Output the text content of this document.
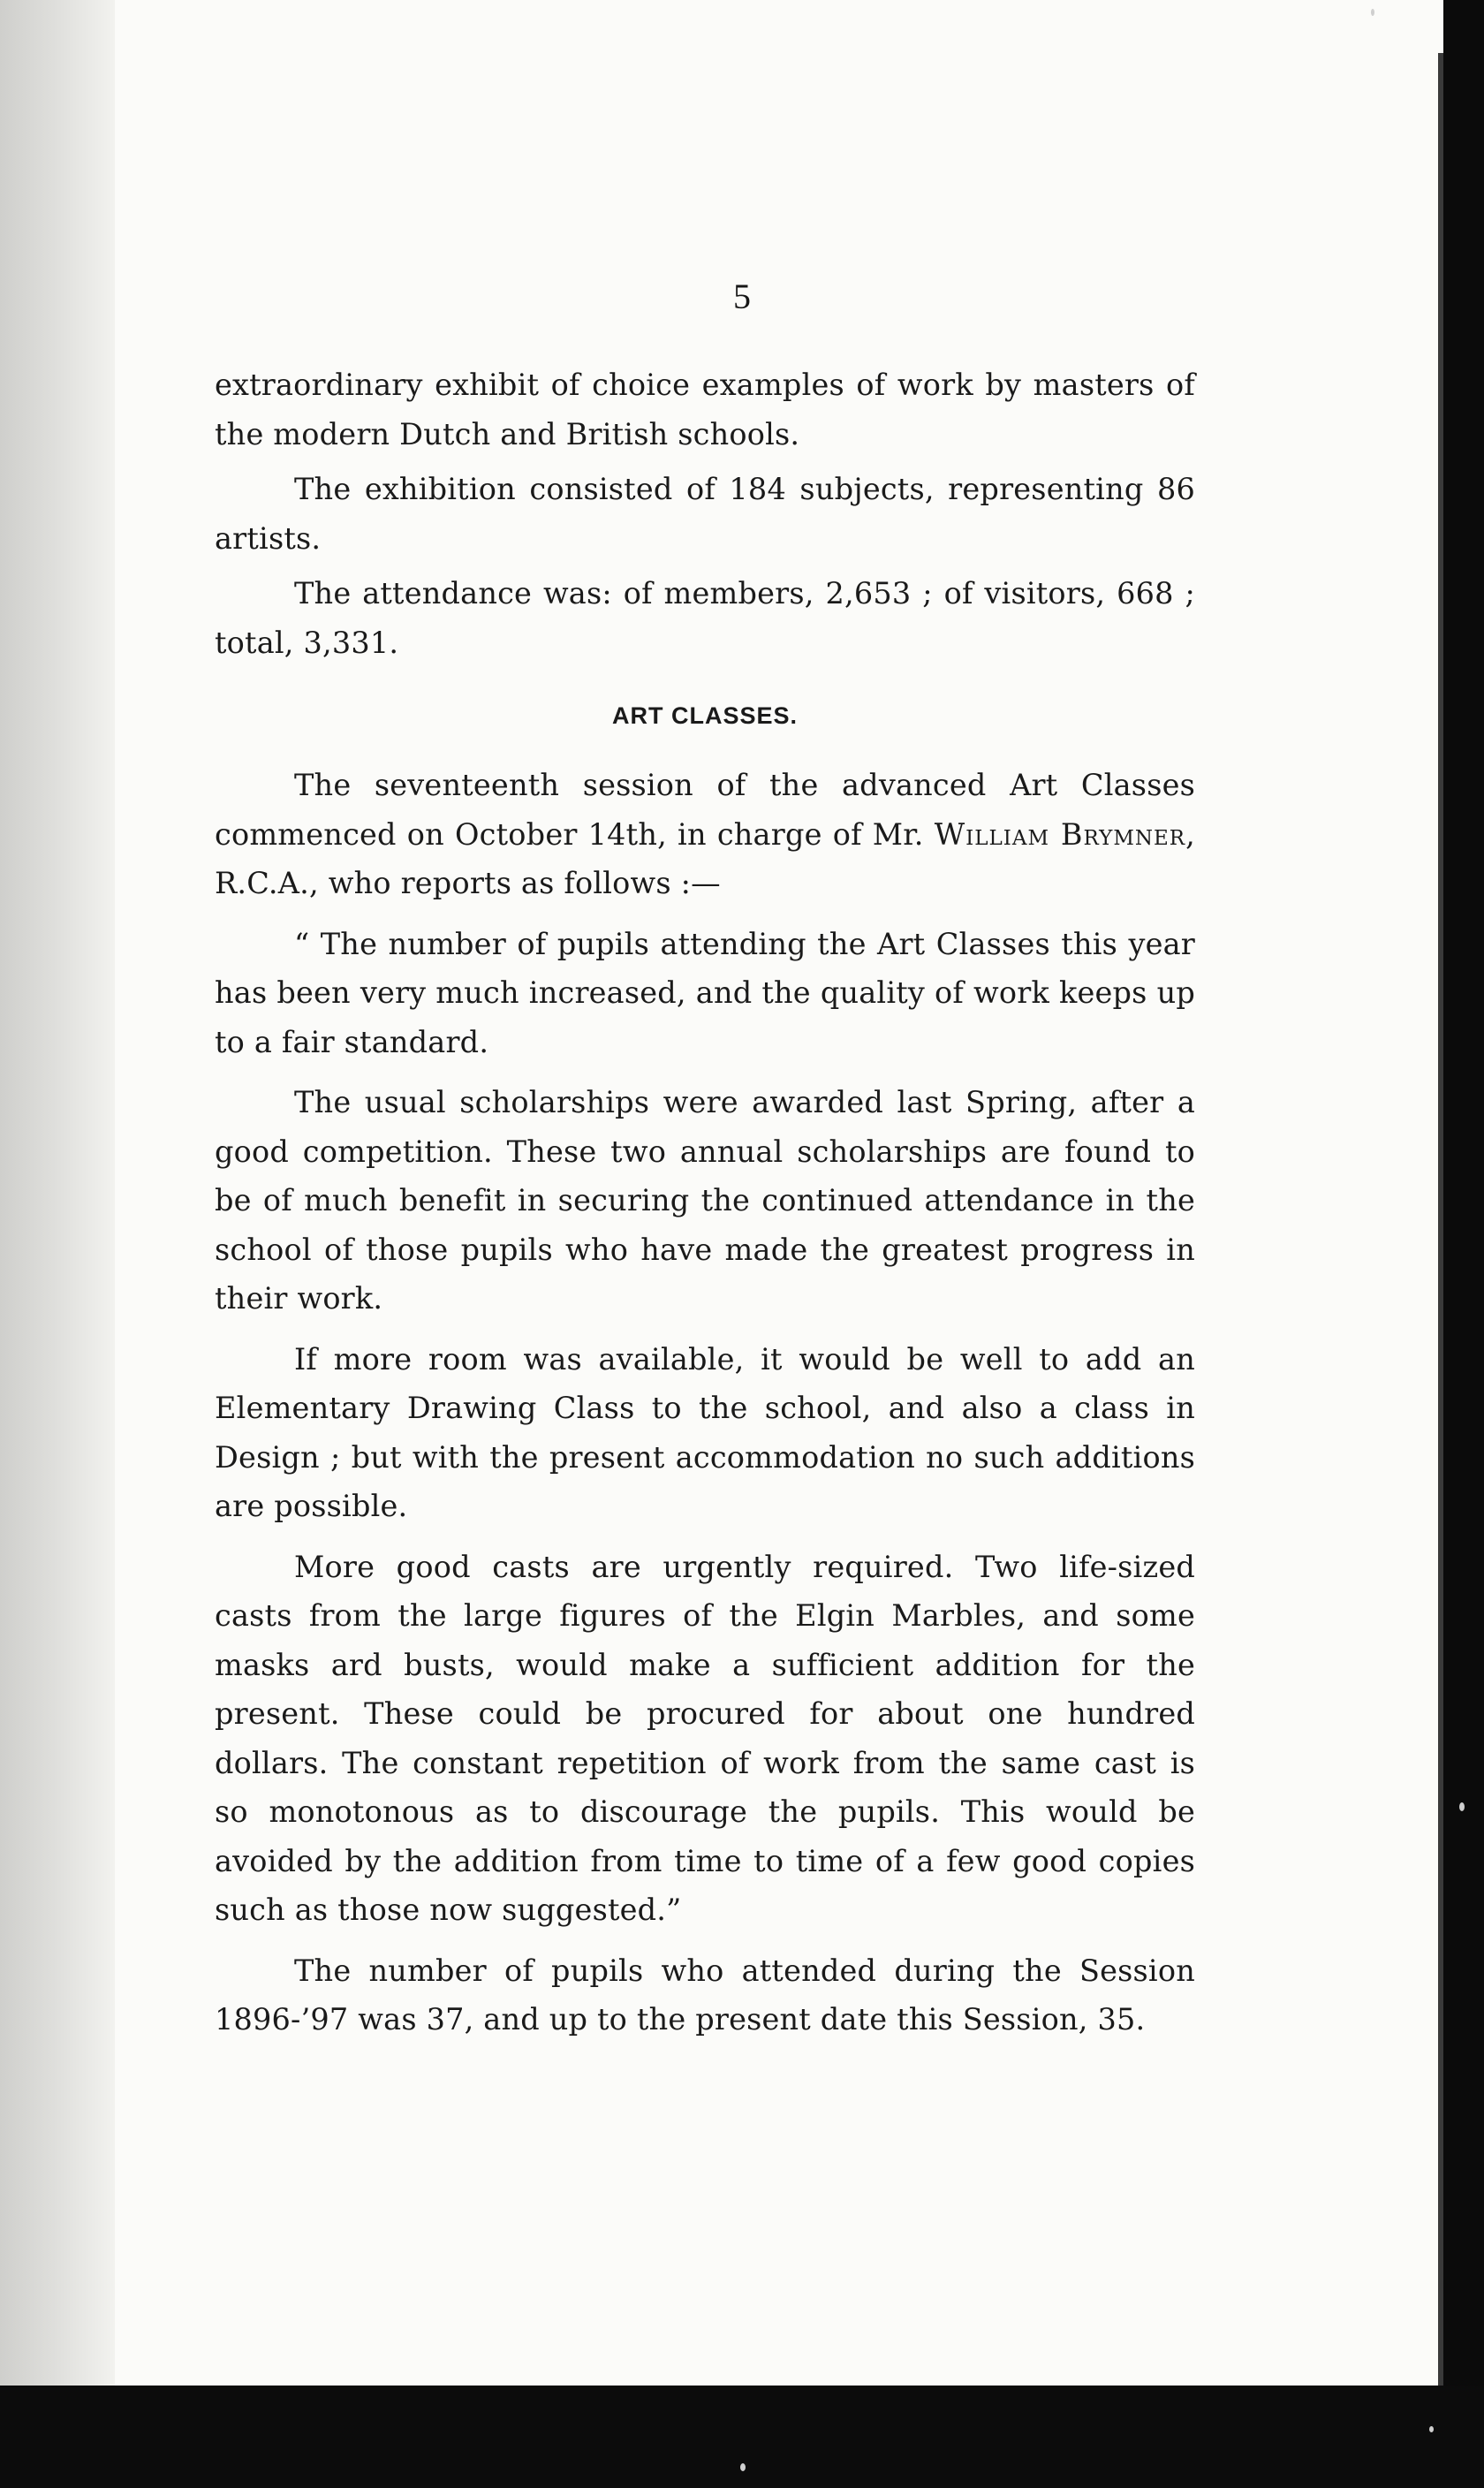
5

extraordinary exhibit of choice examples of work by masters of the modern Dutch and British schools.

The exhibition consisted of 184 subjects, representing 86 artists.

The attendance was: of members, 2,653 ; of visitors, 668 ; total, 3,331.

ART CLASSES.

The seventeenth session of the advanced Art Classes commenced on October 14th, in charge of Mr. William Brymner, R.C.A., who reports as follows :—

“ The number of pupils attending the Art Classes this year has been very much increased, and the quality of work keeps up to a fair standard.

The usual scholarships were awarded last Spring, after a good competition. These two annual scholarships are found to be of much benefit in securing the continued attendance in the school of those pupils who have made the greatest progress in their work.

If more room was available, it would be well to add an Elementary Drawing Class to the school, and also a class in Design ; but with the present accommodation no such additions are possible.

More good casts are urgently required. Two life-sized casts from the large figures of the Elgin Marbles, and some masks ard busts, would make a sufficient addition for the present. These could be procured for about one hundred dollars. The constant repetition of work from the same cast is so monotonous as to discourage the pupils. This would be avoided by the addition from time to time of a few good copies such as those now suggested.”

The number of pupils who attended during the Session 1896-’97 was 37, and up to the present date this Session, 35.
